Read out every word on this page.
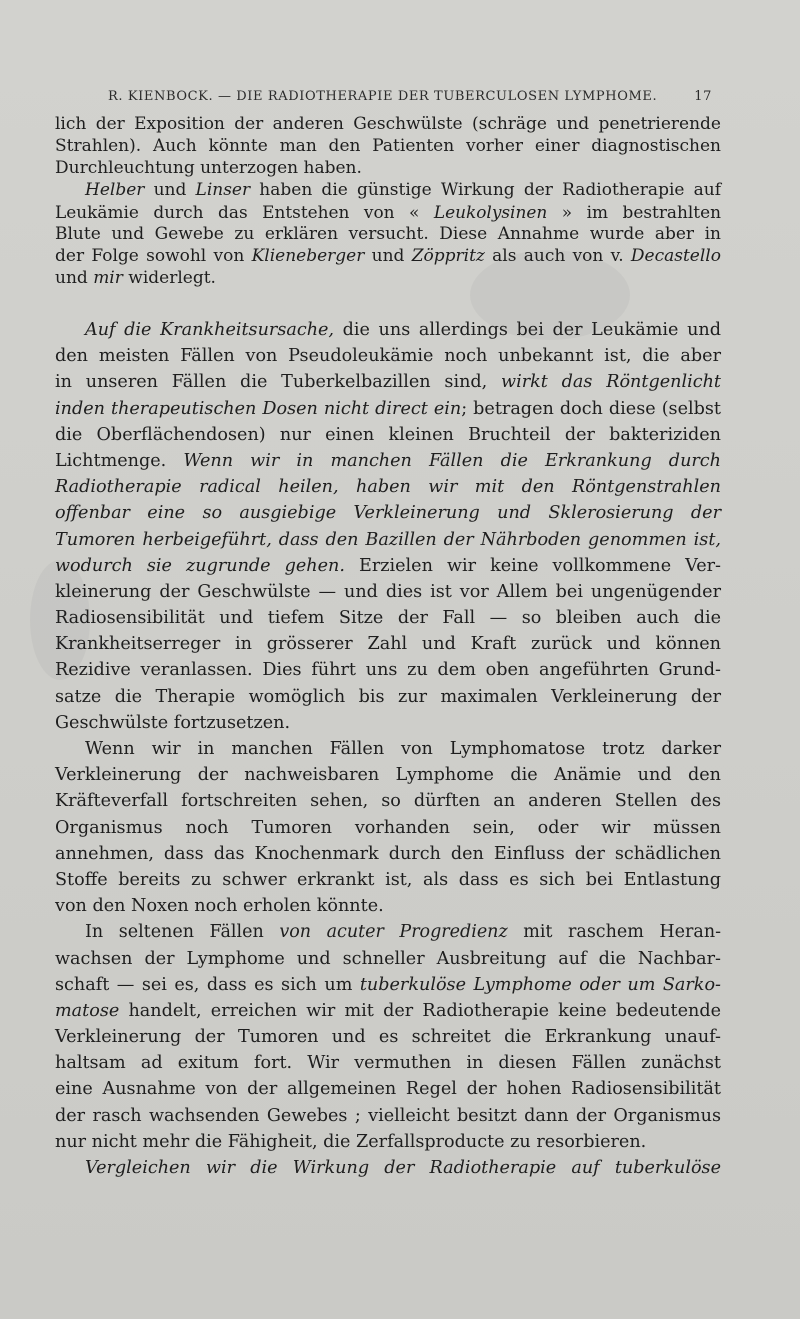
R. KIENBOCK. — DIE RADIOTHERAPIE DER TUBERCULOSEN LYMPHOME.	17
lich der Exposition der anderen Geschwülste (schräge und penetrierende
Strahlen). Auch könnte man den Patienten vorher einer diagnostischen
Durchleuchtung unterzogen haben.
Helber und Linser haben die günstige Wirkung der Radiotherapie auf
Leukämie durch das Entstehen von « Leukolysinen » im bestrahlten
Blute und Gewebe zu erklären versucht. Diese Annahme wurde aber in
der Folge sowohl von Klieneberger und Zöppritz als auch von v. Decastello
und mir widerlegt.
Auf die Krankheitsursache, die uns allerdings bei der Leukämie und
den meisten Fällen von Pseudoleukämie noch unbekannt ist, die aber
in unseren Fällen die Tuberkelbazillen sind, wirkt das Röntgenlicht
inden therapeutischen Dosen nicht direct ein; betragen doch diese (selbst
die Oberflächendosen) nur einen kleinen Bruchteil der bakteriziden
Lichtmenge. Wenn wir in manchen Fällen die Erkrankung durch
Radiotherapie radical heilen, haben wir mit den Röntgenstrahlen
offenbar eine so ausgiebige Verkleinerung und Sklerosierung der
Tumoren herbeigeführt, dass den Bazillen der Nährboden genommen ist,
wodurch sie zugrunde gehen. Erzielen wir keine vollkommene Ver-
kleinerung der Geschwülste — und dies ist vor Allem bei ungenügender
Radiosensibilität und tiefem Sitze der Fall — so bleiben auch die
Krankheitserreger in grösserer Zahl und Kraft zurück und können
Rezidive veranlassen. Dies führt uns zu dem oben angeführten Grund-
satze die Therapie womöglich bis zur maximalen Verkleinerung der
Geschwülste fortzusetzen.
Wenn wir in manchen Fällen von Lymphomatose trotz darker
Verkleinerung der nachweisbaren Lymphome die Anämie und den
Kräfteverfall fortschreiten sehen, so dürften an anderen Stellen des
Organismus noch Tumoren vorhanden sein, oder wir müssen
annehmen, dass das Knochenmark durch den Einfluss der schädlichen
Stoffe bereits zu schwer erkrankt ist, als dass es sich bei Entlastung
von den Noxen noch erholen könnte.
In seltenen Fällen von acuter Progredienz mit raschem Heran-
wachsen der Lymphome und schneller Ausbreitung auf die Nachbar-
schaft — sei es, dass es sich um tuberkulöse Lymphome oder um Sarko-
matose handelt, erreichen wir mit der Radiotherapie keine bedeutende
Verkleinerung der Tumoren und es schreitet die Erkrankung unauf-
haltsam ad exitum fort. Wir vermuthen in diesen Fällen zunächst
eine Ausnahme von der allgemeinen Regel der hohen Radiosensibilität
der rasch wachsenden Gewebes ; vielleicht besitzt dann der Organismus
nur nicht mehr die Fähigheit, die Zerfallsproducte zu resorbieren.
Vergleichen wir die Wirkung der Radiotherapie auf tuberkulöse
